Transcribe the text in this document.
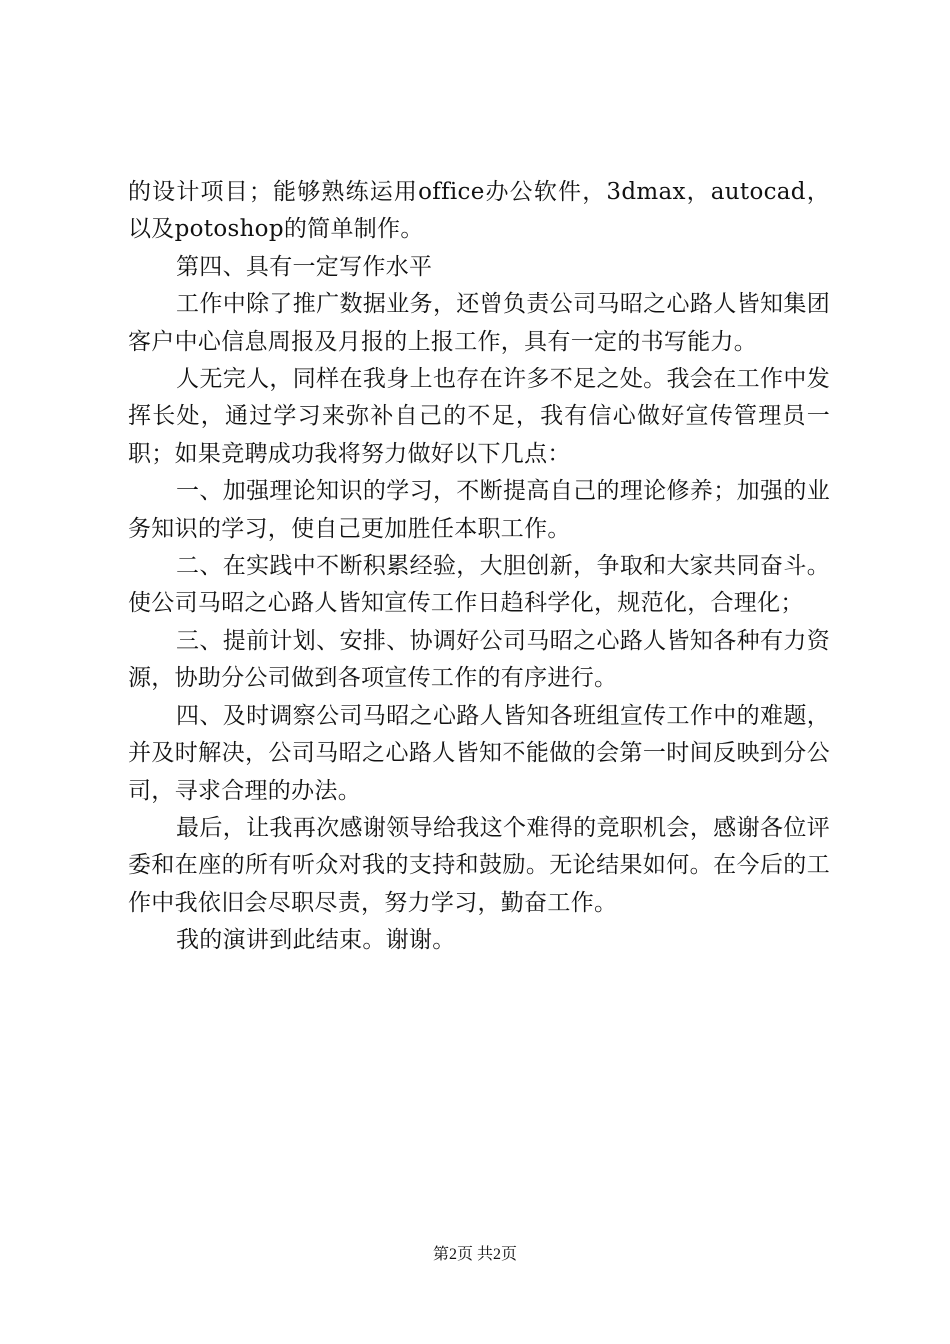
的设计项目；能够熟练运用office办公软件，3dmax，autocad，以及potoshop的简单制作。

第四、具有一定写作水平

工作中除了推广数据业务，还曾负责公司马昭之心路人皆知集团客户中心信息周报及月报的上报工作，具有一定的书写能力。

人无完人，同样在我身上也存在许多不足之处。我会在工作中发挥长处，通过学习来弥补自己的不足，我有信心做好宣传管理员一职；如果竞聘成功我将努力做好以下几点：

一、加强理论知识的学习，不断提高自己的理论修养；加强的业务知识的学习，使自己更加胜任本职工作。

二、在实践中不断积累经验，大胆创新，争取和大家共同奋斗。使公司马昭之心路人皆知宣传工作日趋科学化，规范化，合理化；

三、提前计划、安排、协调好公司马昭之心路人皆知各种有力资源，协助分公司做到各项宣传工作的有序进行。

四、及时调察公司马昭之心路人皆知各班组宣传工作中的难题，并及时解决，公司马昭之心路人皆知不能做的会第一时间反映到分公司，寻求合理的办法。

最后，让我再次感谢领导给我这个难得的竞职机会，感谢各位评委和在座的所有听众对我的支持和鼓励。无论结果如何。在今后的工作中我依旧会尽职尽责，努力学习，勤奋工作。

我的演讲到此结束。谢谢。

第2页 共2页
